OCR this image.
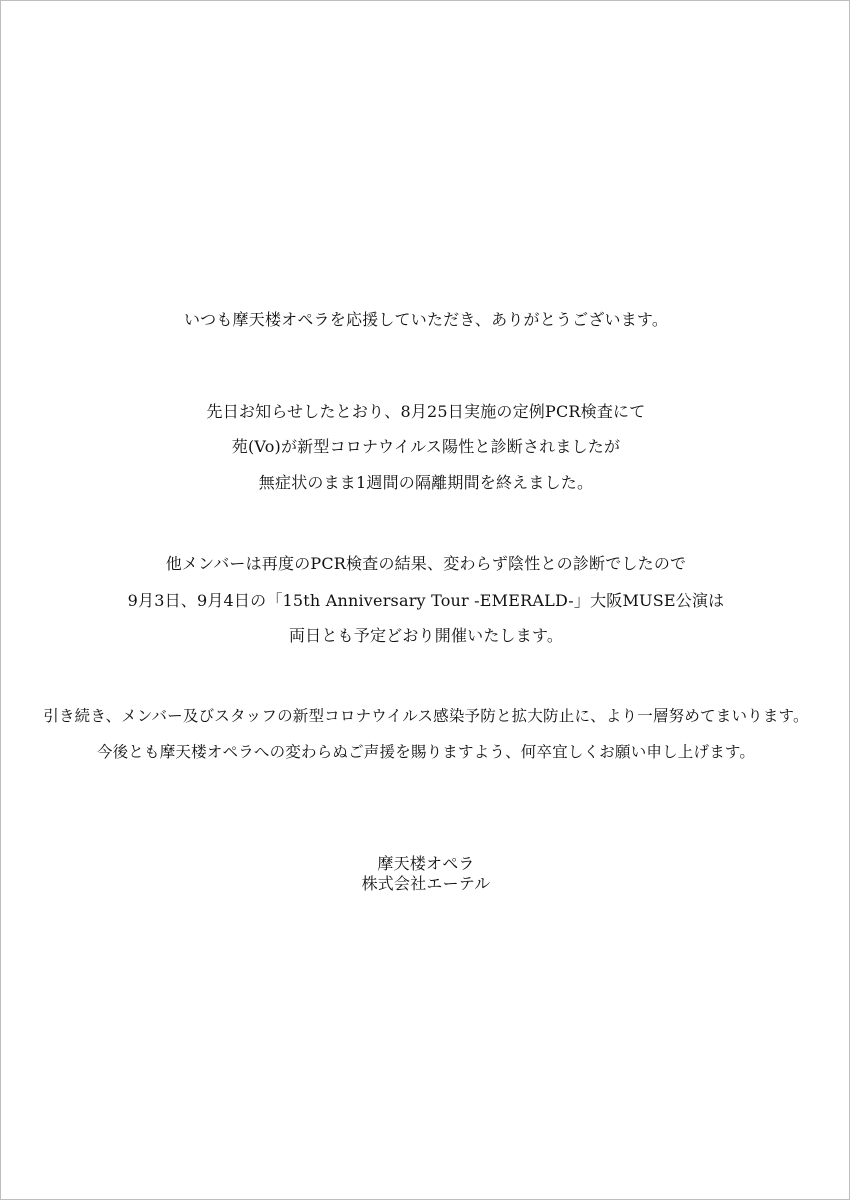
いつも摩天楼オペラを応援していただき、ありがとうございます。
先日お知らせしたとおり、8月25日実施の定例PCR検査にて
苑(Vo)が新型コロナウイルス陽性と診断されましたが
無症状のまま1週間の隔離期間を終えました。
他メンバーは再度のPCR検査の結果、変わらず陰性との診断でしたので
9月3日、9月4日の「15th Anniversary Tour -EMERALD-」大阪MUSE公演は
両日とも予定どおり開催いたします。
引き続き、メンバー及びスタッフの新型コロナウイルス感染予防と拡大防止に、より一層努めてまいります。
今後とも摩天楼オペラへの変わらぬご声援を賜りますよう、何卒宜しくお願い申し上げます。
摩天楼オペラ
株式会社エーテル
